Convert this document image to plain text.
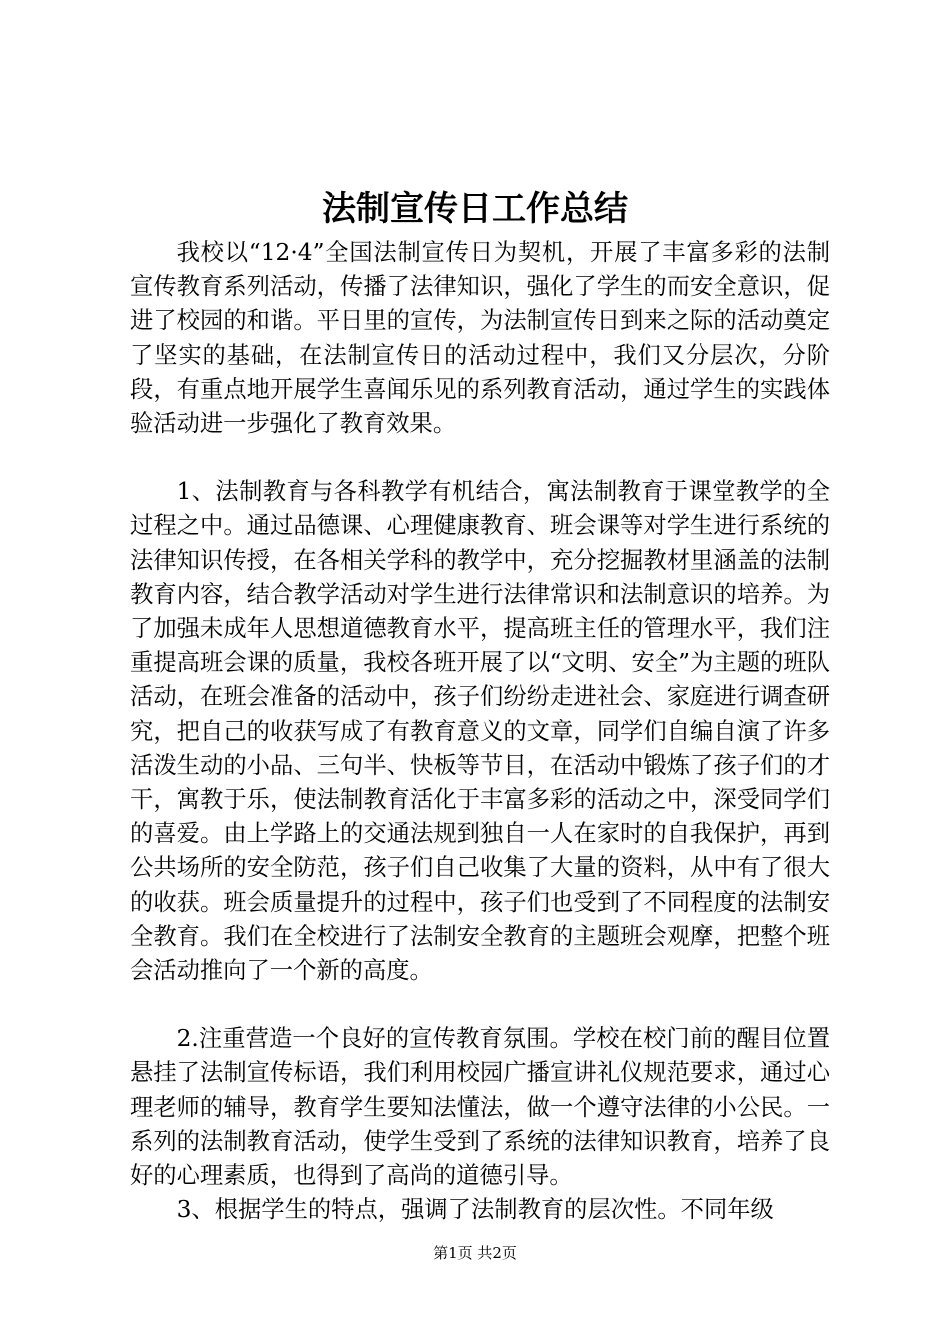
法制宣传日工作总结

我校以“12·4”全国法制宣传日为契机，开展了丰富多彩的法制宣传教育系列活动，传播了法律知识，强化了学生的而安全意识，促进了校园的和谐。平日里的宣传，为法制宣传日到来之际的活动奠定了坚实的基础，在法制宣传日的活动过程中，我们又分层次，分阶段，有重点地开展学生喜闻乐见的系列教育活动，通过学生的实践体验活动进一步强化了教育效果。

1、法制教育与各科教学有机结合，寓法制教育于课堂教学的全过程之中。通过品德课、心理健康教育、班会课等对学生进行系统的法律知识传授，在各相关学科的教学中，充分挖掘教材里涵盖的法制教育内容，结合教学活动对学生进行法律常识和法制意识的培养。为了加强未成年人思想道德教育水平，提高班主任的管理水平，我们注重提高班会课的质量，我校各班开展了以“文明、安全”为主题的班队活动，在班会准备的活动中，孩子们纷纷走进社会、家庭进行调查研究，把自己的收获写成了有教育意义的文章，同学们自编自演了许多活泼生动的小品、三句半、快板等节目，在活动中锻炼了孩子们的才干，寓教于乐，使法制教育活化于丰富多彩的活动之中，深受同学们的喜爱。由上学路上的交通法规到独自一人在家时的自我保护，再到公共场所的安全防范，孩子们自己收集了大量的资料，从中有了很大的收获。班会质量提升的过程中，孩子们也受到了不同程度的法制安全教育。我们在全校进行了法制安全教育的主题班会观摩，把整个班会活动推向了一个新的高度。

2.注重营造一个良好的宣传教育氛围。学校在校门前的醒目位置悬挂了法制宣传标语，我们利用校园广播宣讲礼仪规范要求，通过心理老师的辅导，教育学生要知法懂法，做一个遵守法律的小公民。一系列的法制教育活动，使学生受到了系统的法律知识教育，培养了良好的心理素质，也得到了高尚的道德引导。

3、根据学生的特点，强调了法制教育的层次性。不同年级

第1页 共2页
